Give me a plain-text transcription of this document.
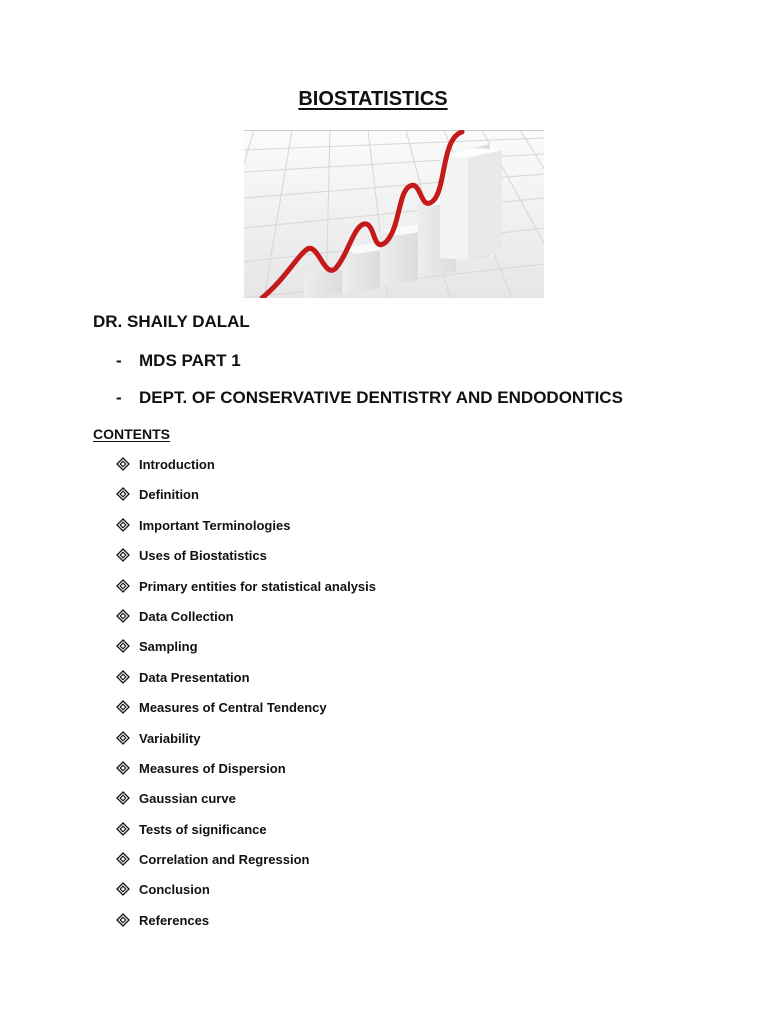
BIOSTATISTICS
DR. SHAILY DALAL
- MDS PART 1
- DEPT. OF CONSERVATIVE DENTISTRY AND ENDODONTICS
CONTENTS
Introduction
Definition
Important Terminologies
Uses of Biostatistics
Primary entities for statistical analysis
Data Collection
Sampling
Data Presentation
Measures of Central Tendency
Variability
Measures of Dispersion
Gaussian curve
Tests of significance
Correlation and Regression
Conclusion
References
